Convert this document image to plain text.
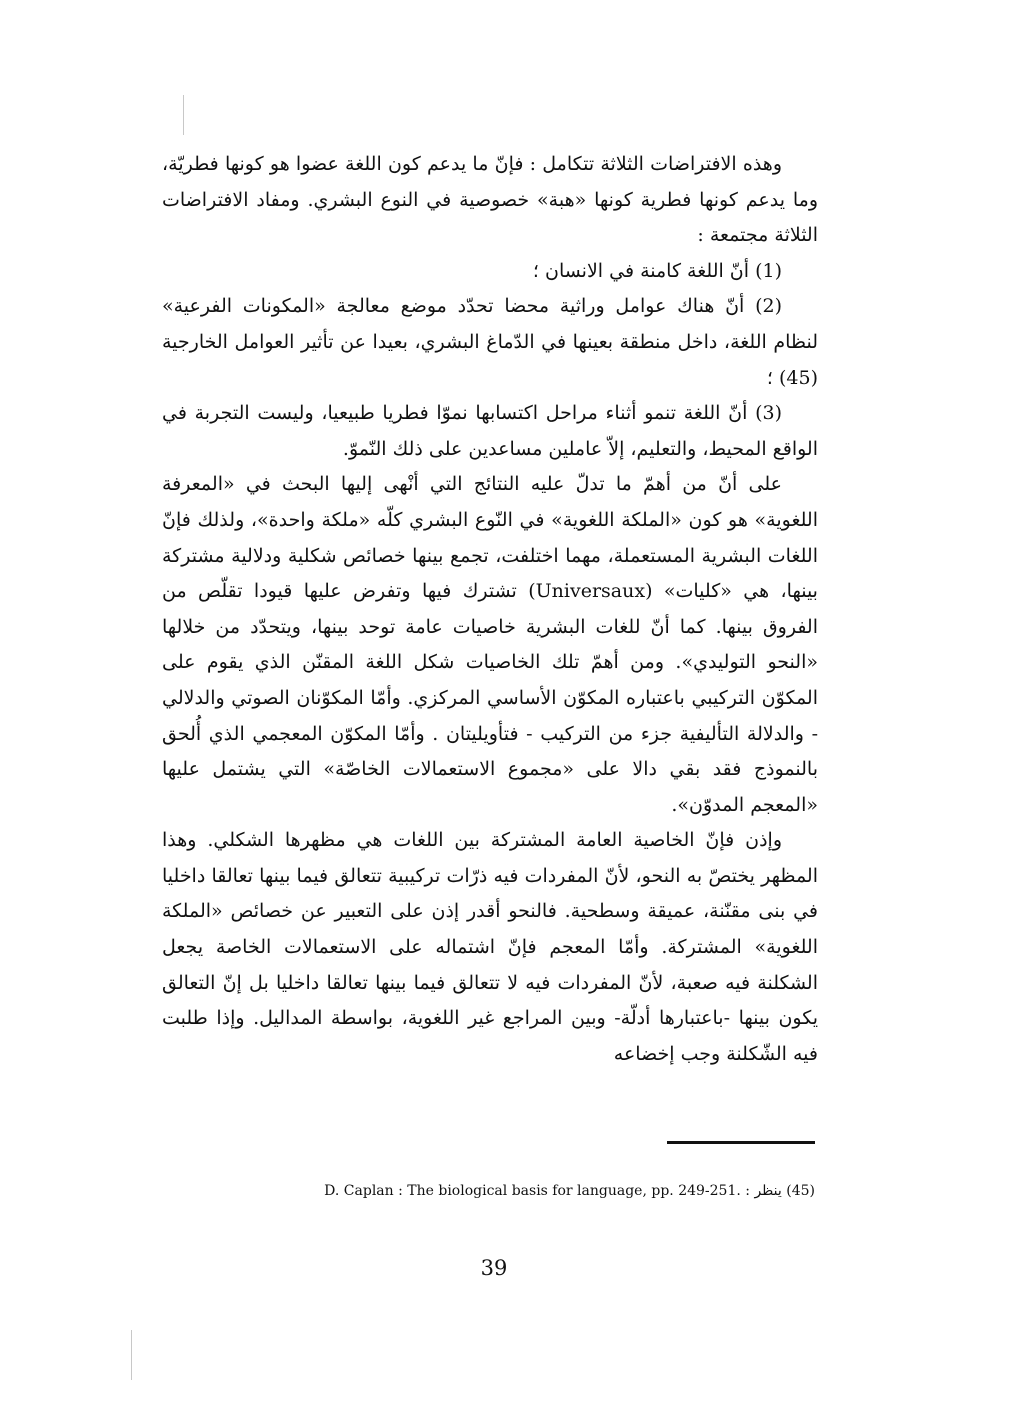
وهذه الافتراضات الثلاثة تتكامل : فإنّ ما يدعم كون اللغة عضوا هو كونها فطريّة، وما يدعم كونها فطرية كونها «هبة» خصوصية في النوع البشري. ومفاد الافتراضات الثلاثة مجتمعة :

(1) أنّ اللغة كامنة في الانسان ؛

(2) أنّ هناك عوامل وراثية محضا تحدّد موضع معالجة «المكونات الفرعية» لنظام اللغة، داخل منطقة بعينها في الدّماغ البشري، بعيدا عن تأثير العوامل الخارجية (45) ؛

(3) أنّ اللغة تنمو أثناء مراحل اكتسابها نموّا فطريا طبيعيا، وليست التجربة في الواقع المحيط، والتعليم، إلاّ عاملين مساعدين على ذلك النّموّ.

على أنّ من أهمّ ما تدلّ عليه النتائج التي أنْهى إليها البحث في «المعرفة اللغوية» هو كون «الملكة اللغوية» في النّوع البشري كلّه «ملكة واحدة»، ولذلك فإنّ اللغات البشرية المستعملة، مهما اختلفت، تجمع بينها خصائص شكلية ودلالية مشتركة بينها، هي «كليات» (Universaux) تشترك فيها وتفرض عليها قيودا تقلّص من الفروق بينها. كما أنّ للغات البشرية خاصيات عامة توحد بينها، ويتحدّد من خلالها «النحو التوليدي». ومن أهمّ تلك الخاصيات شكل اللغة المقنّن الذي يقوم على المكوّن التركيبي باعتباره المكوّن الأساسي المركزي. وأمّا المكوّنان الصوتي والدلالي - والدلالة التأليفية جزء من التركيب - فتأويليتان . وأمّا المكوّن المعجمي الذي أُلحق بالنموذج فقد بقي دالا على «مجموع الاستعمالات الخاصّة» التي يشتمل عليها «المعجم المدوّن».

وإذن فإنّ الخاصية العامة المشتركة بين اللغات هي مظهرها الشكلي. وهذا المظهر يختصّ به النحو، لأنّ المفردات فيه ذرّات تركيبية تتعالق فيما بينها تعالقا داخليا في بنى مقنّنة، عميقة وسطحية. فالنحو أقدر إذن على التعبير عن خصائص «الملكة اللغوية» المشتركة. وأمّا المعجم فإنّ اشتماله على الاستعمالات الخاصة يجعل الشكلنة فيه صعبة، لأنّ المفردات فيه لا تتعالق فيما بينها تعالقا داخليا بل إنّ التعالق يكون بينها -باعتبارها أدلّة- وبين المراجع غير اللغوية، بواسطة المداليل. وإذا طلبت فيه الشّكلنة وجب إخضاعه

(45) ينظر : D. Caplan : The biological basis for language, pp. 249-251.
39
